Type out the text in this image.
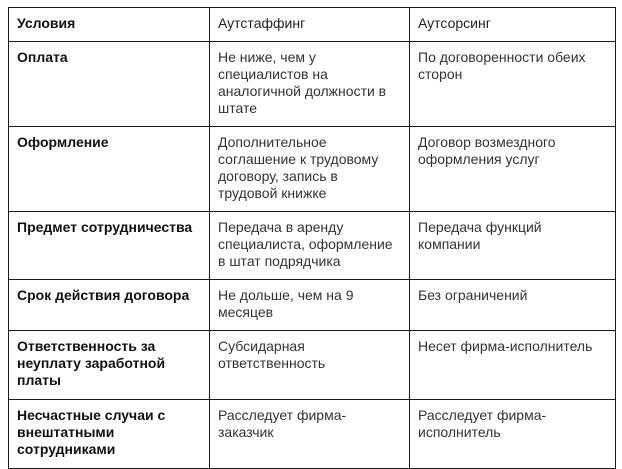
Условия	Аутстаффинг	Аутсорсинг
Оплата	Не ниже, чем у специалистов на аналогичной должности в штате	По договоренности обеих сторон
Оформление	Дополнительное соглашение к трудовому договору, запись в трудовой книжке	Договор возмездного оформления услуг
Предмет сотрудничества	Передача в аренду специалиста, оформление в штат подрядчика	Передача функций компании
Срок действия договора	Не дольше, чем на 9 месяцев	Без ограничений
Ответственность за неуплату заработной платы	Субсидарная ответственность	Несет фирма-исполнитель
Несчастные случаи с внештатными сотрудниками	Расследует фирма-заказчик	Расследует фирма-исполнитель
